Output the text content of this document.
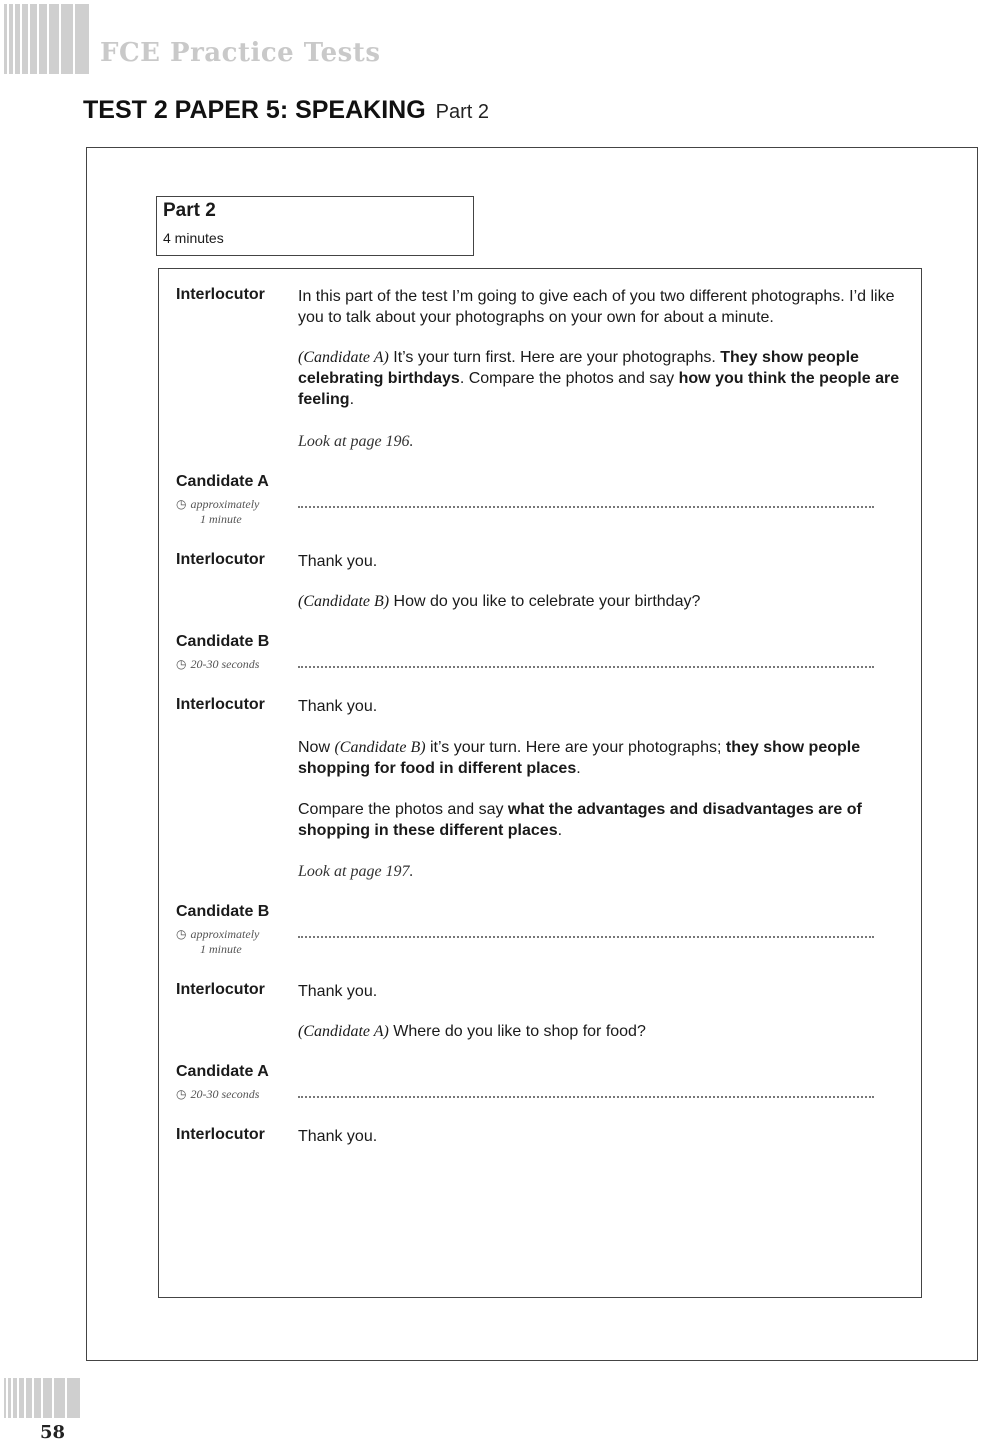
FCE Practice Tests
TEST 2 PAPER 5: SPEAKING Part 2
Part 2
4 minutes
Interlocutor In this part of the test I’m going to give each of you two different photographs. I’d like you to talk about your photographs on your own for about a minute.
(Candidate A) It’s your turn first. Here are your photographs. They show people celebrating birthdays. Compare the photos and say how you think the people are feeling.
Look at page 196.
Candidate A
◷ approximately
1 minute
Interlocutor Thank you.
(Candidate B) How do you like to celebrate your birthday?
Candidate B
◷ 20-30 seconds
Interlocutor Thank you.
Now (Candidate B) it’s your turn. Here are your photographs; they show people shopping for food in different places.
Compare the photos and say what the advantages and disadvantages are of shopping in these different places.
Look at page 197.
Candidate B
◷ approximately
1 minute
Interlocutor Thank you.
(Candidate A) Where do you like to shop for food?
Candidate A
◷ 20-30 seconds
Interlocutor Thank you.
58
